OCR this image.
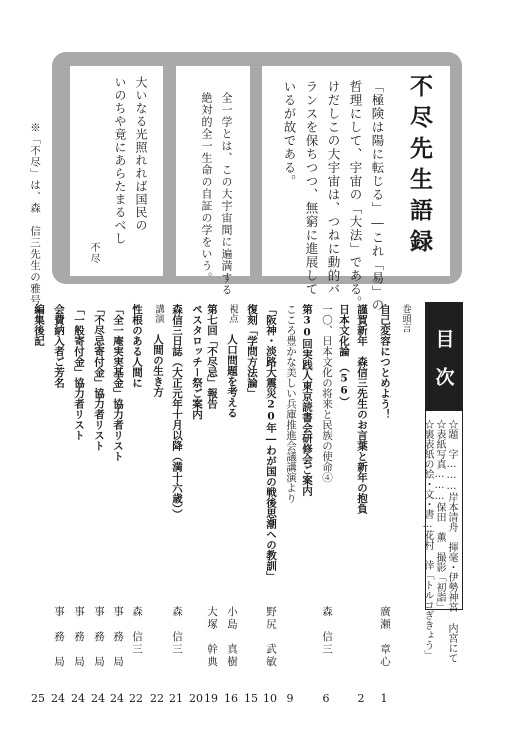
大いなる光照れれば国民の
いのちや竟にあらたまるべし
不尽	全一学とは、この大宇宙間に遍満する
絶対的全一生命の自証の学をいう。	不尽先生語録
「極険は陽に転じる」―これ「易」の
哲理にして、宇宙の「大法」である。
けだしこの大宇宙は、つねに動的バ
ランスを保ちつつ、無窮に進展して
いるが故である。
※「不尽」は、森　信三先生の雅号。
目　次
☆題　字………岸本清舟　揮毫・伊勢神宮 内宮にて
☆表紙写真………保田　薫　撮影「初詣」
☆裏表紙の絵・文・書…花村　涬「トルコぎきょう」
巻頭言
自己変容につとめよう！
廣瀬　章心
1
謹賀新年　森信三先生のお言葉と新年の抱負
2
日本文化論　（56）
一〇、日本文化の将来と民族の使命④
森　信三
6
第30回実践人東京読書会研修会ご案内
こころ豊かな美しい兵庫推進会議講演より
9
「阪神・淡路大震災20年―わが国の戦後思潮への教訓」
野尻　武敏
10
復刻「学問方法論」
15
視点
人口問題を考える
小島　真樹
16
第七回「不尽忌」報告
大塚　幹典
19
ペスタロッチー祭ご案内
20
森信三日誌（大正元年十月以降（満十六歳））
森　信三
21
講演
人間の生き方
22
性根のある人間に
森　信三
22
「全一庵実実基金」協力者リスト
事　務　局
24
「不尽忌寄付金」協力者リスト
事　務　局
24
「一般寄付金」協力者リスト
事　務　局
24
会費納入者ご芳名
事　務　局
24
編集後記
25
